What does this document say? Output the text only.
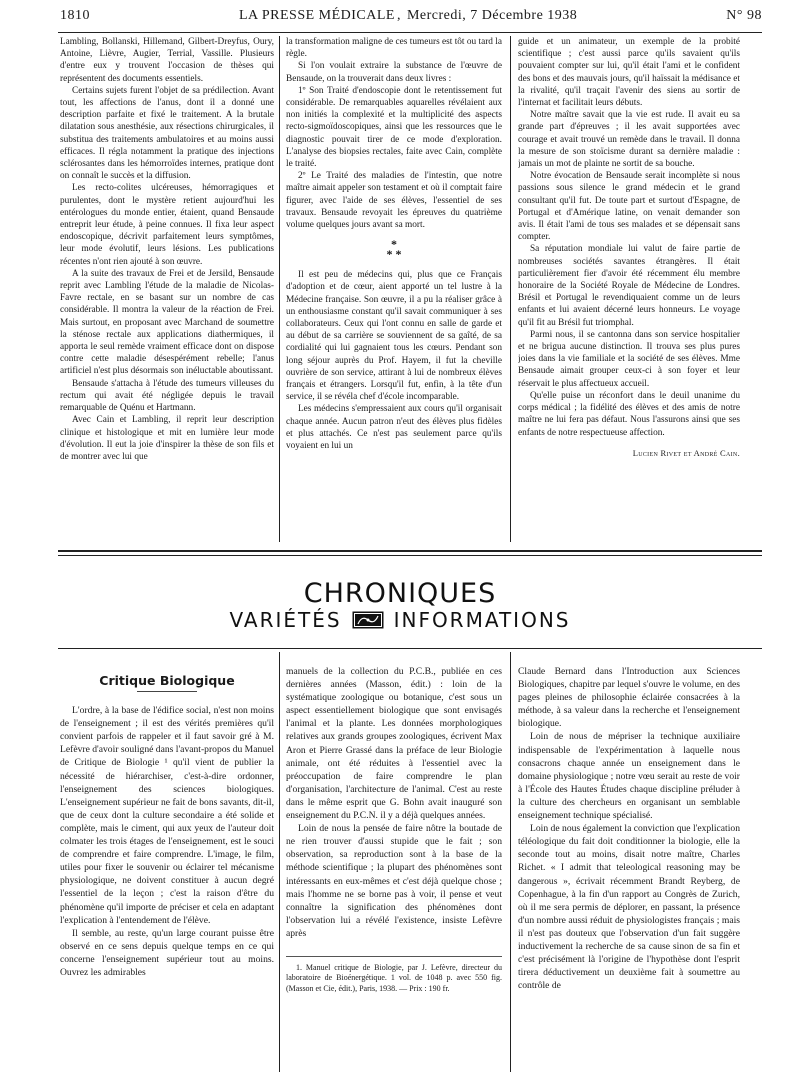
1810	LA PRESSE MÉDICALE , Mercredi, 7 Décembre 1938	N° 98

Lambling, Bollanski, Hillemand, Gilbert-Dreyfus, Oury, Antoine, Lièvre, Augier, Terrial, Vassille. Plusieurs d'entre eux y trouvent l'occasion de thèses qui représentent des documents essentiels.

Certains sujets furent l'objet de sa prédilection. Avant tout, les affections de l'anus, dont il a donné une description parfaite et fixé le traitement. A la brutale dilatation sous anesthésie, aux résections chirurgicales, il substitua des traitements ambulatoires et au moins aussi efficaces. Il régla notamment la pratique des injections sclérosantes dans les hémorroïdes internes, pratique dont on connaît le succès et la diffusion.

Les recto-colites ulcéreuses, hémorragiques et purulentes, dont le mystère retient aujourd'hui les entérologues du monde entier, étaient, quand Bensaude entreprit leur étude, à peine connues. Il fixa leur aspect endoscopique, décrivit parfaitement leurs symptômes, leur mode évolutif, leurs lésions. Les publications récentes n'ont rien ajouté à son œuvre.

A la suite des travaux de Frei et de Jersild, Bensaude reprit avec Lambling l'étude de la maladie de Nicolas-Favre rectale, en se basant sur un nombre de cas considérable. Il montra la valeur de la réaction de Frei. Mais surtout, en proposant avec Marchand de soumettre la sténose rectale aux applications diathermiques, il apporta le seul remède vraiment efficace dont on dispose contre cette maladie désespérément rebelle; l'anus artificiel n'est plus désormais son inéluctable aboutissant.

Bensaude s'attacha à l'étude des tumeurs villeuses du rectum qui avait été négligée depuis le travail remarquable de Quénu et Hartmann.

Avec Cain et Lambling, il reprit leur description clinique et histologique et mit en lumière leur mode d'évolution. Il eut la joie d'inspirer la thèse de son fils et de montrer avec lui que

la transformation maligne de ces tumeurs est tôt ou tard la règle.

Si l'on voulait extraire la substance de l'œuvre de Bensaude, on la trouverait dans deux livres :

1º Son Traité d'endoscopie dont le retentissement fut considérable. De remarquables aquarelles révélaient aux non initiés la complexité et la multiplicité des aspects recto-sigmoïdoscopiques, ainsi que les ressources que le diagnostic pouvait tirer de ce mode d'exploration. L'analyse des biopsies rectales, faite avec Cain, complète le traité.

2º Le Traité des maladies de l'intestin, que notre maître aimait appeler son testament et où il comptait faire figurer, avec l'aide de ses élèves, l'essentiel de ses travaux. Bensaude revoyait les épreuves du quatrième volume quelques jours avant sa mort.

*
* *

Il est peu de médecins qui, plus que ce Français d'adoption et de cœur, aient apporté un tel lustre à la Médecine française. Son œuvre, il a pu la réaliser grâce à un enthousiasme constant qu'il savait communiquer à ses collaborateurs. Ceux qui l'ont connu en salle de garde et au début de sa carrière se souviennent de sa gaîté, de sa cordialité qui lui gagnaient tous les cœurs. Pendant son long séjour auprès du Prof. Hayem, il fut la cheville ouvrière de son service, attirant à lui de nombreux élèves français et étrangers. Lorsqu'il fut, enfin, à la tête d'un service, il se révéla chef d'école incomparable.

Les médecins s'empressaient aux cours qu'il organisait chaque année. Aucun patron n'eut des élèves plus fidèles et plus attachés. Ce n'est pas seulement parce qu'ils voyaient en lui un

guide et un animateur, un exemple de la probité scientifique ; c'est aussi parce qu'ils savaient qu'ils pouvaient compter sur lui, qu'il était l'ami et le confident des bons et des mauvais jours, qu'il haïssait la médisance et la rivalité, qu'il traçait l'avenir des siens au sortir de l'internat et facilitait leurs débuts.

Notre maître savait que la vie est rude. Il avait eu sa grande part d'épreuves ; il les avait supportées avec courage et avait trouvé un remède dans le travail. Il donna la mesure de son stoïcisme durant sa dernière maladie : jamais un mot de plainte ne sortit de sa bouche.

Notre évocation de Bensaude serait incomplète si nous passions sous silence le grand médecin et le grand consultant qu'il fut. De toute part et surtout d'Espagne, de Portugal et d'Amérique latine, on venait demander son avis. Il était l'ami de tous ses malades et se dépensait sans compter.

Sa réputation mondiale lui valut de faire partie de nombreuses sociétés savantes étrangères. Il était particulièrement fier d'avoir été récemment élu membre honoraire de la Société Royale de Médecine de Londres. Brésil et Portugal le revendiquaient comme un de leurs enfants et lui avaient décerné leurs honneurs. Le voyage qu'il fit au Brésil fut triomphal.

Parmi nous, il se cantonna dans son service hospitalier et ne brigua aucune distinction. Il trouva ses plus pures joies dans la vie familiale et la société de ses élèves. Mme Bensaude aimait grouper ceux-ci à son foyer et leur réservait le plus affectueux accueil.

Qu'elle puise un réconfort dans le deuil unanime du corps médical ; la fidélité des élèves et des amis de notre maître ne lui fera pas défaut. Nous l'assurons ainsi que ses enfants de notre respectueuse affection.

Lucien Rivet et André Cain.
CHRONIQUES
VARIÉTÉS	INFORMATIONS
Critique Biologique

L'ordre, à la base de l'édifice social, n'est non moins de l'enseignement ; il est des vérités premières qu'il convient parfois de rappeler et il faut savoir gré à M. Lefèvre d'avoir souligné dans l'avant-propos du Manuel de Critique de Biologie ¹ qu'il vient de publier la nécessité de hiérarchiser, c'est-à-dire ordonner, l'enseignement des sciences biologiques. L'enseignement supérieur ne fait de bons savants, dit-il, que de ceux dont la culture secondaire a été solide et complète, mais le ciment, qui aux yeux de l'auteur doit colmater les trois étages de l'enseignement, est le souci de comprendre et faire comprendre. L'image, le film, utiles pour fixer le souvenir ou éclairer tel mécanisme physiologique, ne doivent constituer à aucun degré l'essentiel de la leçon ; c'est la raison d'être du phénomène qu'il importe de préciser et cela en adaptant l'explication à l'entendement de l'élève.

Il semble, au reste, qu'un large courant puisse être observé en ce sens depuis quelque temps en ce qui concerne l'enseignement supérieur tout au moins. Ouvrez les admirables

manuels de la collection du P.C.B., publiée en ces dernières années (Masson, édit.) : loin de la systématique zoologique ou botanique, c'est sous un aspect essentiellement biologique que sont envisagés l'animal et la plante. Les données morphologiques relatives aux grands groupes zoologiques, écrivent Max Aron et Pierre Grassé dans la préface de leur Biologie animale, ont été réduites à l'essentiel avec la préoccupation de faire comprendre le plan d'organisation, l'architecture de l'animal. C'est au reste dans le même esprit que G. Bohn avait inauguré son enseignement du P.C.N. il y a déjà quelques années.

Loin de nous la pensée de faire nôtre la boutade de ne rien trouver d'aussi stupide que le fait ; son observation, sa reproduction sont à la base de la méthode scientifique ; la plupart des phénomènes sont intéressants en eux-mêmes et c'est déjà quelque chose ; mais l'homme ne se borne pas à voir, il pense et veut connaître la signification des phénomènes dont l'observation lui a révélé l'existence, insiste Lefèvre après

1. Manuel critique de Biologie, par J. Lefèvre, directeur du laboratoire de Bioénergétique. 1 vol. de 1048 p. avec 550 fig. (Masson et Cie, édit.), Paris, 1938. — Prix : 190 fr.

Claude Bernard dans l'Introduction aux Sciences Biologiques, chapitre par lequel s'ouvre le volume, en des pages pleines de philosophie éclairée consacrées à la méthode, à sa valeur dans la recherche et l'enseignement biologique.

Loin de nous de mépriser la technique auxiliaire indispensable de l'expérimentation à laquelle nous consacrons chaque année un enseignement dans le domaine physiologique ; notre vœu serait au reste de voir à l'École des Hautes Études chaque discipline préluder à la culture des chercheurs en organisant un semblable enseignement technique spécialisé.

Loin de nous également la conviction que l'explication téléologique du fait doit conditionner la biologie, elle la seconde tout au moins, disait notre maître, Charles Richet. « I admit that teleological reasoning may be dangerous », écrivait récemment Brandt Reyberg, de Copenhague, à la fin d'un rapport au Congrès de Zurich, où il me sera permis de déplorer, en passant, la présence d'un nombre aussi réduit de physiologistes français ; mais il n'est pas douteux que l'observation d'un fait suggère inductivement la recherche de sa cause sinon de sa fin et c'est précisément là l'origine de l'hypothèse dont l'esprit tirera déductivement un deuxième fait à soumettre au contrôle de
